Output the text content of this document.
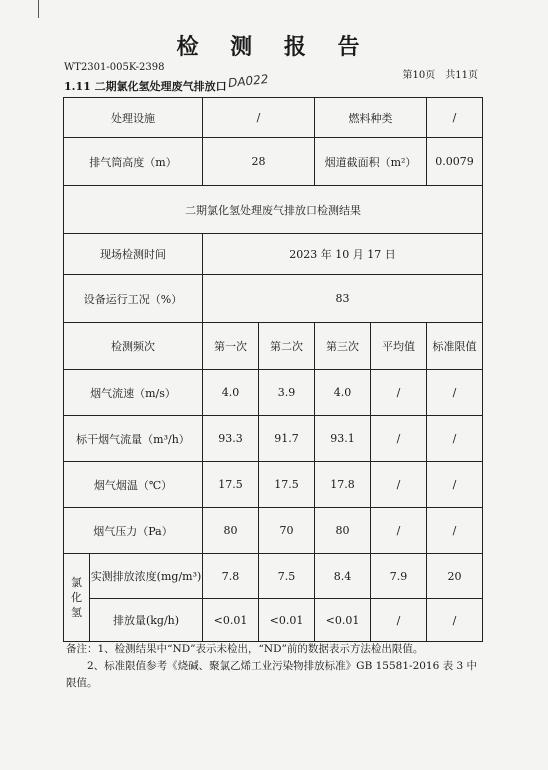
检 测 报 告
WT2301-005K-2398
第10页　共11页
1.11 二期氯化氢处理废气排放口 DA022
处理设施		/		燃料种类		/
排气筒高度（m）		28		烟道截面积（m²）		0.0079
二期氯化氢处理废气排放口检测结果						
现场检测时间		2023 年 10 月 17 日				
设备运行工况（%）		83				
检测频次		第一次	第二次	第三次	平均值	标准限值
烟气流速（m/s）		4.0	3.9	4.0	/	/
标干烟气流量（m³/h）		93.3	91.7	93.1	/	/
烟气烟温（℃）		17.5	17.5	17.8	/	/
烟气压力（Pa）		80	70	80	/	/
氯化氢	实测排放浓度(mg/m³)	7.8	7.5	8.4	7.9	20
	排放量(kg/h)	<0.01	<0.01	<0.01	/	/
备注：1、检测结果中“ND”表示未检出，“ND”前的数据表示方法检出限值。
　　2、标准限值参考《烧碱、聚氯乙烯工业污染物排放标准》GB 15581-2016 表 3 中限值。
